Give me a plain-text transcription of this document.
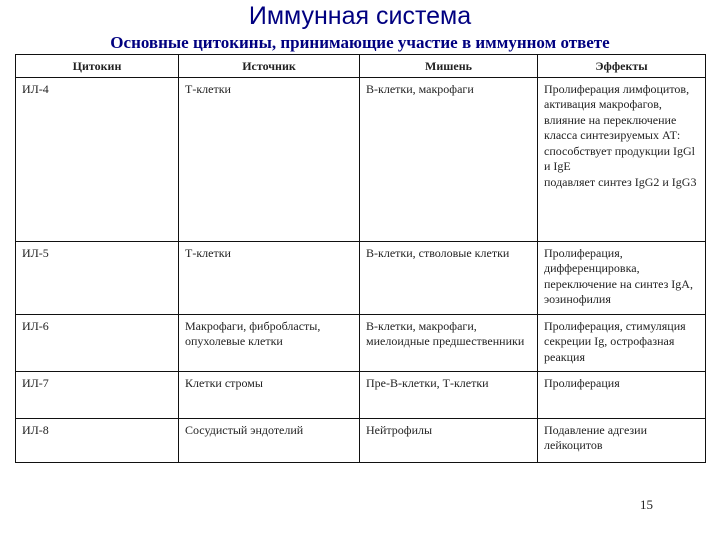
Иммунная система
Основные цитокины, принимающие участие в иммунном ответе
Цитокин	Источник	Мишень	Эффекты
ИЛ-4	Т-клетки	В-клетки, макрофаги	Пролиферация лимфоцитов, активация макрофагов, влияние на переключение класса синтезируемых АТ:
способствует продукции IgGl и IgE
подавляет синтез IgG2 и IgG3

ИЛ-5	Т-клетки	В-клетки, стволовые клетки	Пролиферация, дифференцировка, переключение на синтез IgA, эозинофилия

ИЛ-6	Макрофаги, фибробласты, опухолевые клетки	В-клетки, макрофаги, миелоидные предшественники	Пролиферация, стимуляция секреции Ig, острофазная реакция

ИЛ-7	Клетки стромы	Пре-В-клетки, Т-клетки	Пролиферация

ИЛ-8	Сосудистый эндотелий	Нейтрофилы	Подавление адгезии лейкоцитов
15
